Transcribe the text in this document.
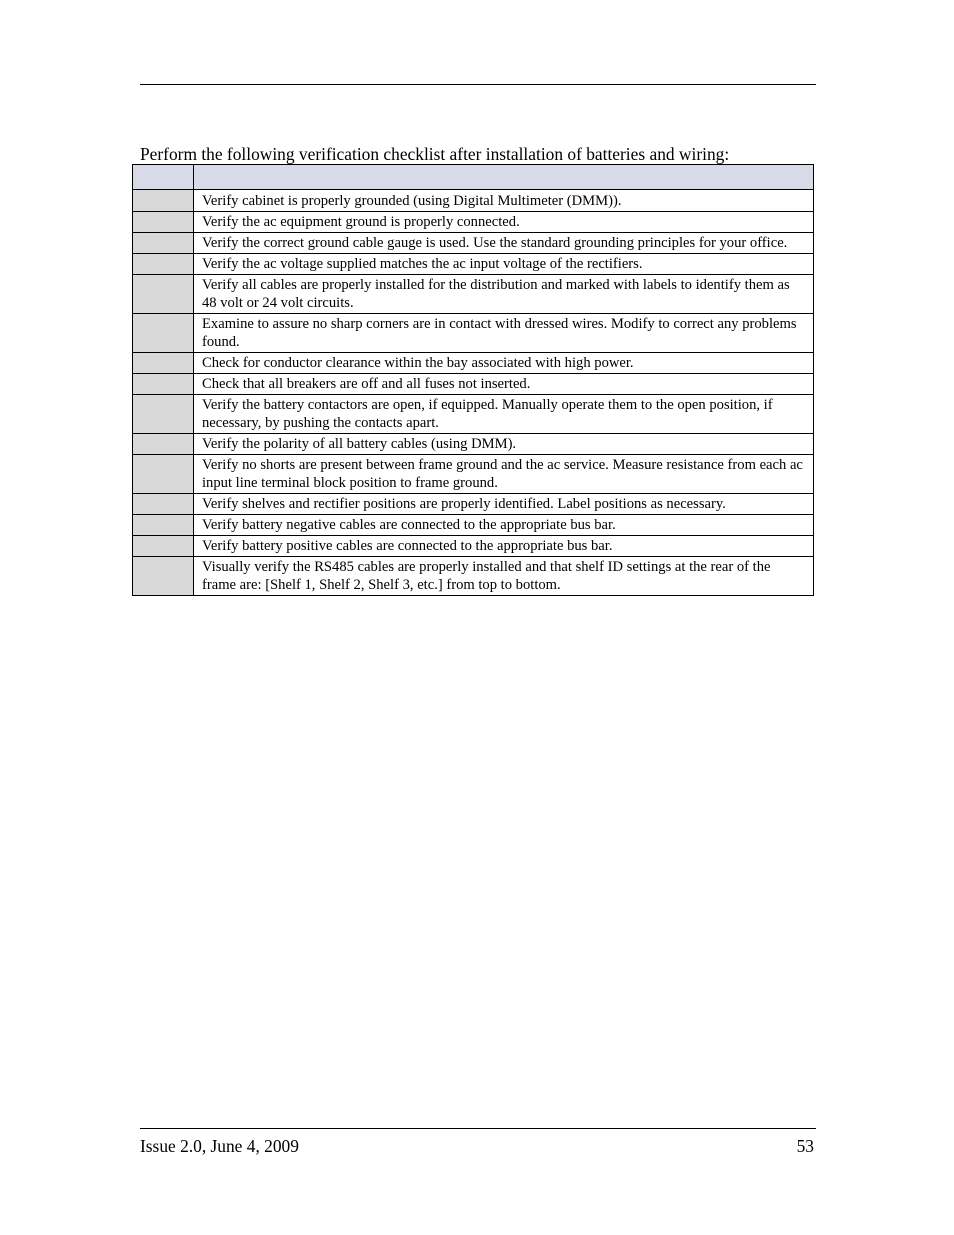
Perform the following verification checklist after installation of batteries and wiring:

	Verify cabinet is properly grounded (using Digital Multimeter (DMM)).
	Verify the ac equipment ground is properly connected.
	Verify the correct ground cable gauge is used. Use the standard grounding principles for your office.
	Verify the ac voltage supplied matches the ac input voltage of the rectifiers.
	Verify all cables are properly installed for the distribution and marked with labels to identify them as 48 volt or 24 volt circuits.
	Examine to assure no sharp corners are in contact with dressed wires. Modify to correct any problems found.
	Check for conductor clearance within the bay associated with high power.
	Check that all breakers are off and all fuses not inserted.
	Verify the battery contactors are open, if equipped. Manually operate them to the open position, if necessary, by pushing the contacts apart.
	Verify the polarity of all battery cables (using DMM).
	Verify no shorts are present between frame ground and the ac service. Measure resistance from each ac input line terminal block position to frame ground.
	Verify shelves and rectifier positions are properly identified. Label positions as necessary.
	Verify battery negative cables are connected to the appropriate bus bar.
	Verify battery positive cables are connected to the appropriate bus bar.
	Visually verify the RS485 cables are properly installed and that shelf ID settings at the rear of the frame are: [Shelf 1, Shelf 2, Shelf 3, etc.] from top to bottom.
Issue 2.0, June 4, 2009	53
